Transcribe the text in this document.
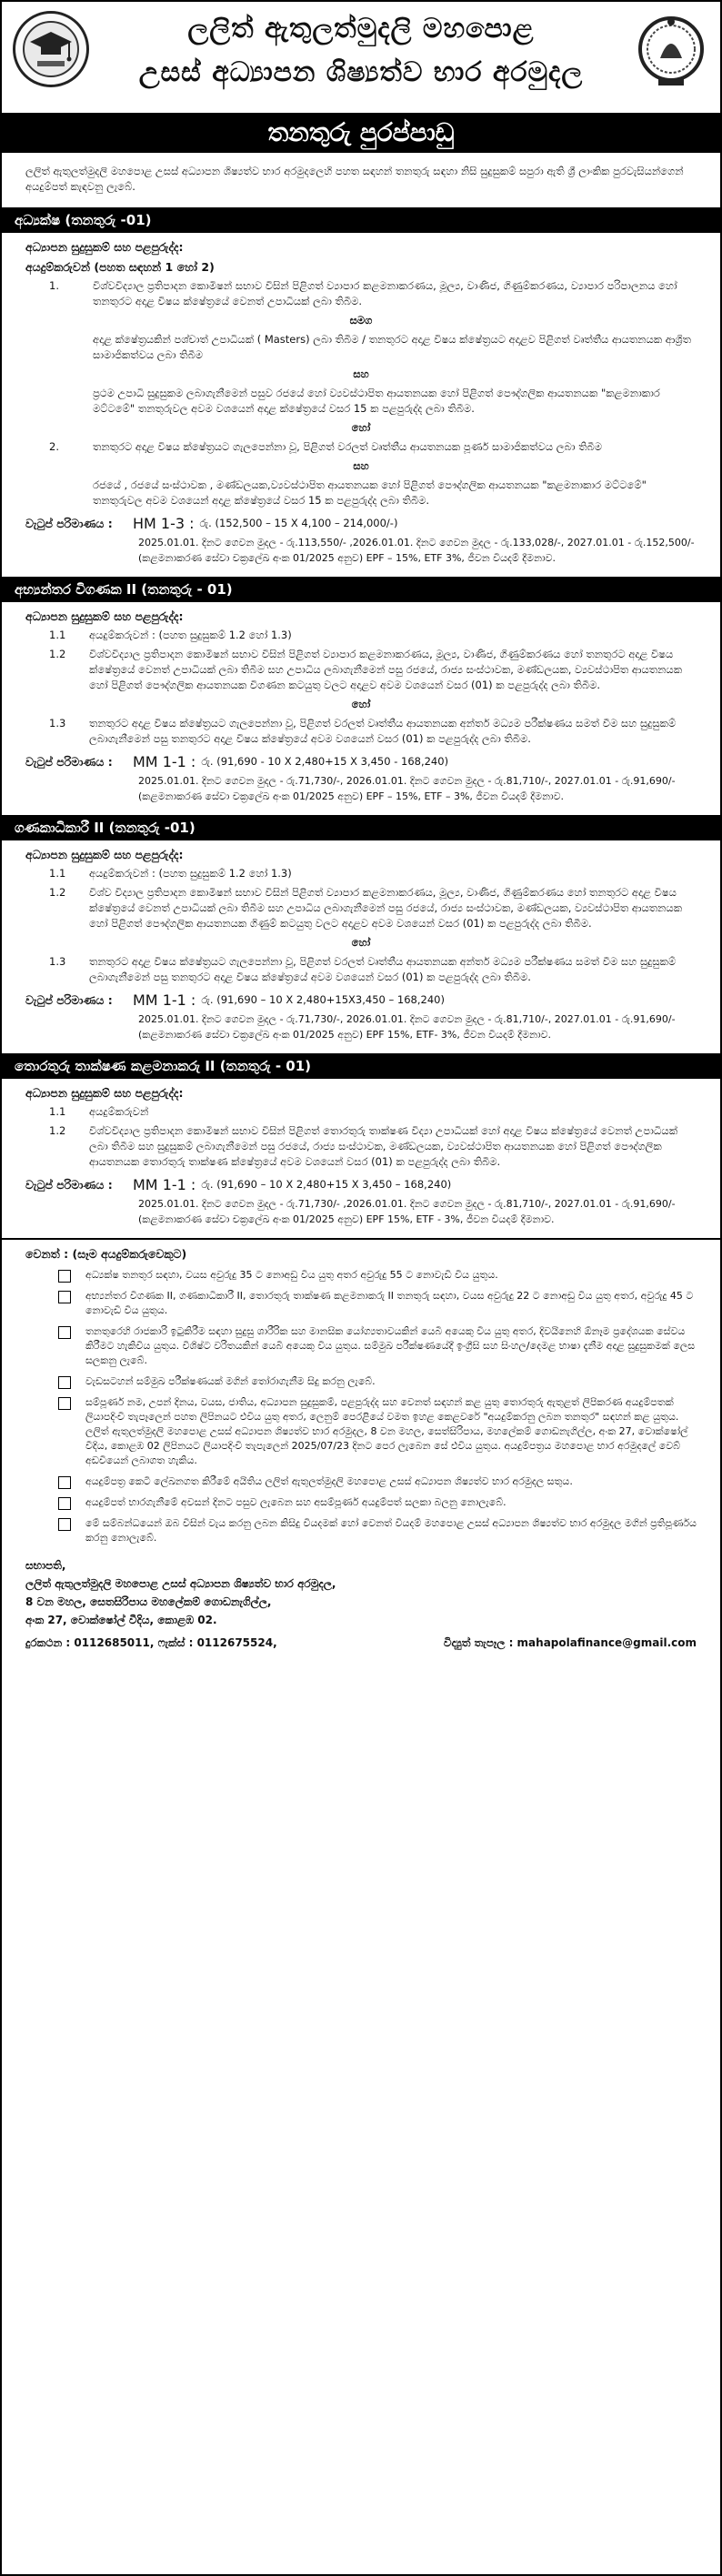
ලලිත් ඇතුලත්මුදලි මහපොළ
උසස් අධ්‍යාපන ශිෂ්‍යත්ව භාර අරමුදල
තනතුරු පුරප්පාඩු
ලලිත් ඇතුලත්මුදලි මහපොළ උසස් අධ්‍යාපන ශිෂ්‍යත්ව භාර අරමුදලෙහි පහත සඳහන් තනතුරු සඳහා නිසි සුදුසුකම් සපුරා ඇති ශ්‍රී ලාංකික පුරවැසියන්ගෙන් අයදුම්පත් කැඳවනු ලැබේ.
අධ්‍යක්ෂ (තනතුරු -01)
අධ්‍යාපන සුදුසුකම් සහ පළපුරුද්ද:
අයදුම්කරුවන් (පහත සඳහන් 1 හෝ 2)
1.	විශ්වවිද්‍යාල ප්‍රතිපාදන කොමිෂන් සභාව විසින් පිළිගත් ව්‍යාපාර කළමනාකරණය, මූල්‍ය, වාණිජ, ගිණුම්කරණය, ව්‍යාපාර පරිපාලනය හෝ තනතුරට අදාළ විෂය ක්ෂේත්‍රයේ වෙනත් උපාධියක් ලබා තිබීම.
සමග
අදාළ ක්ෂේත්‍රයකින් පශ්චාත් උපාධියක් ( Masters) ලබා තිබීම / තනතුරට අදාළ විෂය ක්ෂේත්‍රයට අදාළව පිළිගත් වෘත්තීය ආයතනයක ආශ්‍රිත සාමාජිකත්වය ලබා තිබීම
සහ
ප්‍රථම උපාධි සුදුසුකම ලබාගැනීමෙන් පසුව රජයේ හෝ ව්‍යවස්ථාපිත ආයතනයක හෝ පිළිගත් පෞද්ගලික ආයතනයක "කළමනාකාර මට්ටමේ" තනතුරුවල අවම වශයෙන් අදාළ ක්ෂේත්‍රයේ වසර 15 ක පළපුරුද්ද ලබා තිබීම.
හෝ
2.	තනතුරට අදාළ විෂය ක්ෂේත්‍රයට ගැලපෙන්නා වූ, පිළිගත් වරලත් වෘත්තීය ආයතනයක පූර්ණ සාමාජිකත්වය ලබා තිබීම
සහ
රජයේ , රජයේ සංස්ථාවක , මණ්ඩලයක,ව්‍යවස්ථාපිත ආයතනයක හෝ පිළිගත් පෞද්ගලික ආයතනයක "කළමනාකාර මට්ටමේ" තනතුරුවල අවම වශයෙන් අදාළ ක්ෂේත්‍රයේ වසර 15 ක පළපුරුද්ද ලබා තිබීම.
වැටුප් පරිමාණය :	HM 1-3 : රු. (152,500 – 15 X 4,100 – 214,000/-)
2025.01.01. දිනට ගෙවන මුදල - රු.113,550/- ,2026.01.01. දිනට ගෙවන මුදල - රු.133,028/-, 2027.01.01 - රු.152,500/- (කළමනාකරණ සේවා චක්‍රලේඛ අංක 01/2025 අනුව) EPF – 15%, ETF 3%, ජීවන වියදම් දීමනාව.
අභ්‍යන්තර විගණක II (තනතුරු - 01)
අධ්‍යාපන සුදුසුකම් සහ පළපුරුද්ද:
1.1	අයදුම්කරුවන් : (පහත සුදුසුකම් 1.2 හෝ 1.3)
1.2	විශ්වවිද්‍යාල ප්‍රතිපාදන කොමිෂන් සභාව විසින් පිළිගත් ව්‍යාපාර කළමනාකරණය, මූල්‍ය, වාණිජ, ගිණුම්කරණය හෝ තනතුරට අදාළ විෂය ක්ෂේත්‍රයේ වෙනත් උපාධියක් ලබා තිබීම සහ උපාධිය ලබාගැනීමෙන් පසු රජයේ, රාජ්‍ය සංස්ථාවක, මණ්ඩලයක, ව්‍යවස්ථාපිත ආයතනයක හෝ පිළිගත් පෞද්ගලික ආයතනයක විගණන කටයුතු වලට අදාළව අවම වශයෙන් වසර (01) ක පළපුරුද්ද ලබා තිබීම.
හෝ
1.3	තනතුරට අදාළ විෂය ක්ෂේත්‍රයට ගැලපෙන්නා වූ, පිළිගත් වරලත් වෘත්තීය ආයතනයක අන්තර් මධ්‍යම පරීක්ෂණය සමත් වීම සහ සුදුසුකම් ලබාගැනීමෙන් පසු තනතුරට අදාළ විෂය ක්ෂේත්‍රයේ අවම වශයෙන් වසර (01) ක පළපුරුද්ද ලබා තිබීම.
වැටුප් පරිමාණය :	MM 1-1 : රු. (91,690 - 10 X 2,480+15 X 3,450 - 168,240)
2025.01.01. දිනට ගෙවන මුදල - රු.71,730/-, 2026.01.01. දිනට ගෙවන මුදල - රු.81,710/-, 2027.01.01 - රු.91,690/- (කළමනාකරණ සේවා චක්‍රලේඛ අංක 01/2025 අනුව) EPF – 15%, ETF – 3%, ජීවන වියදම් දීමනාව.
ගණකාධිකාරී II (තනතුරු -01)
අධ්‍යාපන සුදුසුකම් සහ පළපුරුද්ද:
1.1	අයදුම්කරුවන් : (පහත සුදුසුකම් 1.2 හෝ 1.3)
1.2	විශ්ව විද්‍යාල ප්‍රතිපාදන කොමිෂන් සභාව විසින් පිළිගත් ව්‍යාපාර කළමනාකරණය, මූල්‍ය, වාණිජ, ගිණුම්කරණය හෝ තනතුරට අදාළ විෂය ක්ෂේත්‍රයේ වෙනත් උපාධියක් ලබා තිබීම සහ උපාධිය ලබාගැනීමෙන් පසු රජයේ, රාජ්‍ය සංස්ථාවක, මණ්ඩලයක, ව්‍යවස්ථාපිත ආයතනයක හෝ පිළිගත් පෞද්ගලික ආයතනයක ගිණුම් කටයුතු වලට අදාළව අවම වශයෙන් වසර (01) ක පළපුරුද්ද ලබා තිබීම.
හෝ
1.3	තනතුරට අදාළ විෂය ක්ෂේත්‍රයට ගැලපෙන්නා වූ, පිළිගත් වරලත් වෘත්තීය ආයතනයක අන්තර් මධ්‍යම පරීක්ෂණය සමත් වීම සහ සුදුසුකම් ලබාගැනීමෙන් පසු තනතුරට අදාළ විෂය ක්ෂේත්‍රයේ අවම වශයෙන් වසර (01) ක පළපුරුද්ද ලබා තිබීම.
වැටුප් පරිමාණය :	MM 1-1 : රු. (91,690 – 10 X 2,480+15X3,450 – 168,240)
2025.01.01. දිනට ගෙවන මුදල - රු.71,730/-, 2026.01.01. දිනට ගෙවන මුදල - රු.81,710/-, 2027.01.01 - රු.91,690/- (කළමනාකරණ සේවා චක්‍රලේඛ අංක 01/2025 අනුව) EPF 15%, ETF- 3%, ජීවන වියදම් දීමනාව.
තොරතුරු තාක්ෂණ කළමනාකරු II (තනතුරු - 01)
අධ්‍යාපන සුදුසුකම් සහ පළපුරුද්ද:
1.1	අයදුම්කරුවන්
1.2	විශ්වවිද්‍යාල ප්‍රතිපාදන කොමිෂන් සභාව විසින් පිළිගත් තොරතුරු තාක්ෂණ විද්‍යා උපාධියක් හෝ අදාළ විෂය ක්ෂේත්‍රයේ වෙනත් උපාධියක් ලබා තිබීම සහ සුදුසුකම් ලබාගැනීමෙන් පසු රජයේ, රාජ්‍ය සංස්ථාවක, මණ්ඩලයක, ව්‍යවස්ථාපිත ආයතනයක හෝ පිළිගත් පෞද්ගලික ආයතනයක තොරතුරු තාක්ෂණ ක්ෂේත්‍රයේ අවම වශයෙන් වසර (01) ක පළපුරුද්ද ලබා තිබීම.
වැටුප් පරිමාණය :	MM 1-1 : රු. (91,690 – 10 X 2,480+15 X 3,450 – 168,240)
2025.01.01. දිනට ගෙවන මුදල - රු.71,730/- ,2026.01.01. දිනට ගෙවන මුදල - රු.81,710/-, 2027.01.01 - රු.91,690/- (කළමනාකරණ සේවා චක්‍රලේඛ අංක 01/2025 අනුව) EPF 15%, ETF - 3%, ජීවන වියදම් දීමනාව.
වෙනත් : (සෑම අයදුම්කරුවෙකුට)
අධ්‍යක්ෂ තනතුර සඳහා, වයස අවුරුදු 35 ට නොඅඩු විය යුතු අතර අවුරුදු 55 ට නොවැඩි විය යුතුය.
අභ්‍යන්තර විගණක II, ගණකාධිකාරී II, තොරතුරු තාක්ෂණ කළමනාකරු II තනතුරු සඳහා, වයස අවුරුදු 22 ට නොඅඩු විය යුතු අතර, අවුරුදු 45 ට නොවැඩි විය යුතුය.
තනතුරෙහි රාජකාරි ඉටුකිරීම සඳහා සුදුසු ශාරීරික සහ මානසික යෝග්‍යතාවයකින් යෙබී අයෙකු විය යුතු අතර, දිවයිනෙහි ඕනෑම ප්‍රදේශයක සේවය කිරීමට හැකිවිය යුතුය. විශිෂ්ට වරිතයකින් යෙබී අයෙකු විය යුතුය. සම්මුඛ පරීක්ෂණයේදී ඉංග්‍රීසි සහ සිංහල/දෙමළ භාෂා දැනීම අදාළ සුදුසුකමක් ලෙස සලකනු ලැබේ.
වැඩසටහන් සම්මුඛ පරීක්ෂණයක් මගින් තෝරාගැනීම සිදු කරනු ලැබේ.
සම්පූර්ණ නම, උපන් දිනය, වයස, ජාතිය, අධ්‍යාපන සුදුසුකම්, පළපුරුද්ද සහ වෙනත් සඳහන් කළ යුතු තොරතුරු ඇතුළත් ලිපිකරණ අයදුම්පතක් ලියාපදිංචි තැපෑලෙන් පහත ලිපිනයට එවිය යුතු අතර, ලෙනුම් පෙරළියේ වමත ඉහළ කෙළවරේ "අයදුම්කරනු ලබන තනතුර" සඳහන් කළ යුතුය. ලලිත් ඇතුලත්මුදලි මහපොළ උසස් අධ්‍යාපන ශිෂ්‍යත්ව භාර අරමුදල, 8 වන මහල, සෙත්සිරිපාය, මහලේකම් ගොඩනැගිල්ල, අංක 27, වොක්ෂෝල් වීදිය, කොළඹ 02 ලිපිනයට ලියාපදිංචි තැපැලෙන් 2025/07/23 දිනට පෙර ලැබෙන සේ එවිය යුතුය. අයදුම්පත්‍රය මහපොළ භාර අරමුදලේ වෙබ් අඩවියෙන් ලබාගත හැකිය.
අයදුම්පත්‍ර කෙටි ලේඛනගත කිරීමේ අයිතිය ලලිත් ඇතුලත්මුදලි මහපොළ උසස් අධ්‍යාපන ශිෂ්‍යත්ව භාර අරමුදල සතුය.
අයදුම්පත් භාරගැනීමේ අවසන් දිනට පසුව ලැබෙන සහ අසම්පූර්ණ අයදුම්පත් සලකා බලනු නොලැබේ.
මේ සම්බන්ධයෙන් ඔබ විසින් වැය කරනු ලබන කිසිදු වියදමක් හෝ වෙනත් වියදම් මහපොළ උසස් අධ්‍යාපන ශිෂ්‍යත්ව භාර අරමුදල මගින් ප්‍රතිපූර්ණය කරනු නොලැබේ.
සභාපති,
ලලිත් ඇතුලත්මුදලි මහපොළ උසස් අධ්‍යාපන ශිෂ්‍යත්ව භාර අරමුදල,
8 වන මහල, සෙතසිරිපාය මහලේකම් ගොඩනැගිල්ල,
අංක 27, වොක්ෂෝල් වීදිය, කොළඹ 02.
දුරකථන : 0112685011, ෆැක්ස් : 0112675524,	විද්‍යුත් තැපෑල : mahapolafinance@gmail.com
